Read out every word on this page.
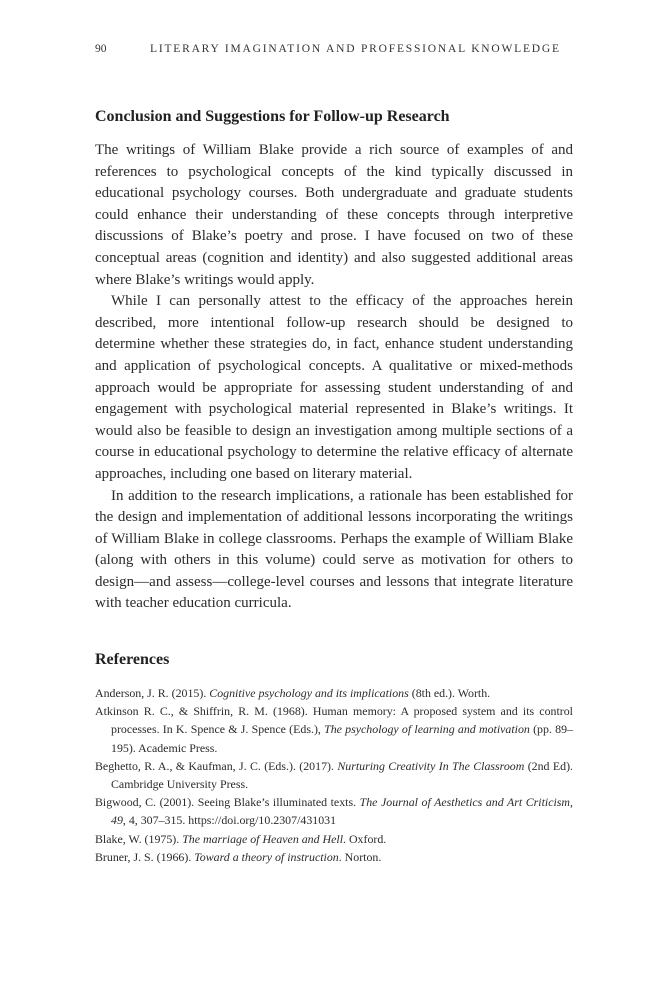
90	LITERARY IMAGINATION AND PROFESSIONAL KNOWLEDGE
Conclusion and Suggestions for Follow-up Research

The writings of William Blake provide a rich source of examples of and references to psychological concepts of the kind typically discussed in educational psychology courses. Both undergraduate and graduate students could enhance their understanding of these concepts through interpretive discussions of Blake’s poetry and prose. I have focused on two of these conceptual areas (cognition and identity) and also suggested additional areas where Blake’s writings would apply.

While I can personally attest to the efficacy of the approaches herein described, more intentional follow-up research should be designed to determine whether these strategies do, in fact, enhance student understanding and application of psychological concepts. A qualitative or mixed-methods approach would be appropriate for assessing student understanding of and engagement with psychological material represented in Blake’s writings. It would also be feasible to design an investigation among multiple sections of a course in educational psychology to determine the relative efficacy of alternate approaches, including one based on literary material.

In addition to the research implications, a rationale has been established for the design and implementation of additional lessons incorporating the writings of William Blake in college classrooms. Perhaps the example of William Blake (along with others in this volume) could serve as motivation for others to design—and assess—college-level courses and lessons that integrate literature with teacher education curricula.

References

Anderson, J. R. (2015). Cognitive psychology and its implications (8th ed.). Worth.

Atkinson R. C., & Shiffrin, R. M. (1968). Human memory: A proposed system and its control processes. In K. Spence & J. Spence (Eds.), The psychology of learning and motivation (pp. 89–195). Academic Press.

Beghetto, R. A., & Kaufman, J. C. (Eds.). (2017). Nurturing Creativity In The Classroom (2nd Ed). Cambridge University Press.

Bigwood, C. (2001). Seeing Blake’s illuminated texts. The Journal of Aesthetics and Art Criticism, 49, 4, 307–315. https://doi.org/10.2307/431031

Blake, W. (1975). The marriage of Heaven and Hell. Oxford.

Bruner, J. S. (1966). Toward a theory of instruction. Norton.
